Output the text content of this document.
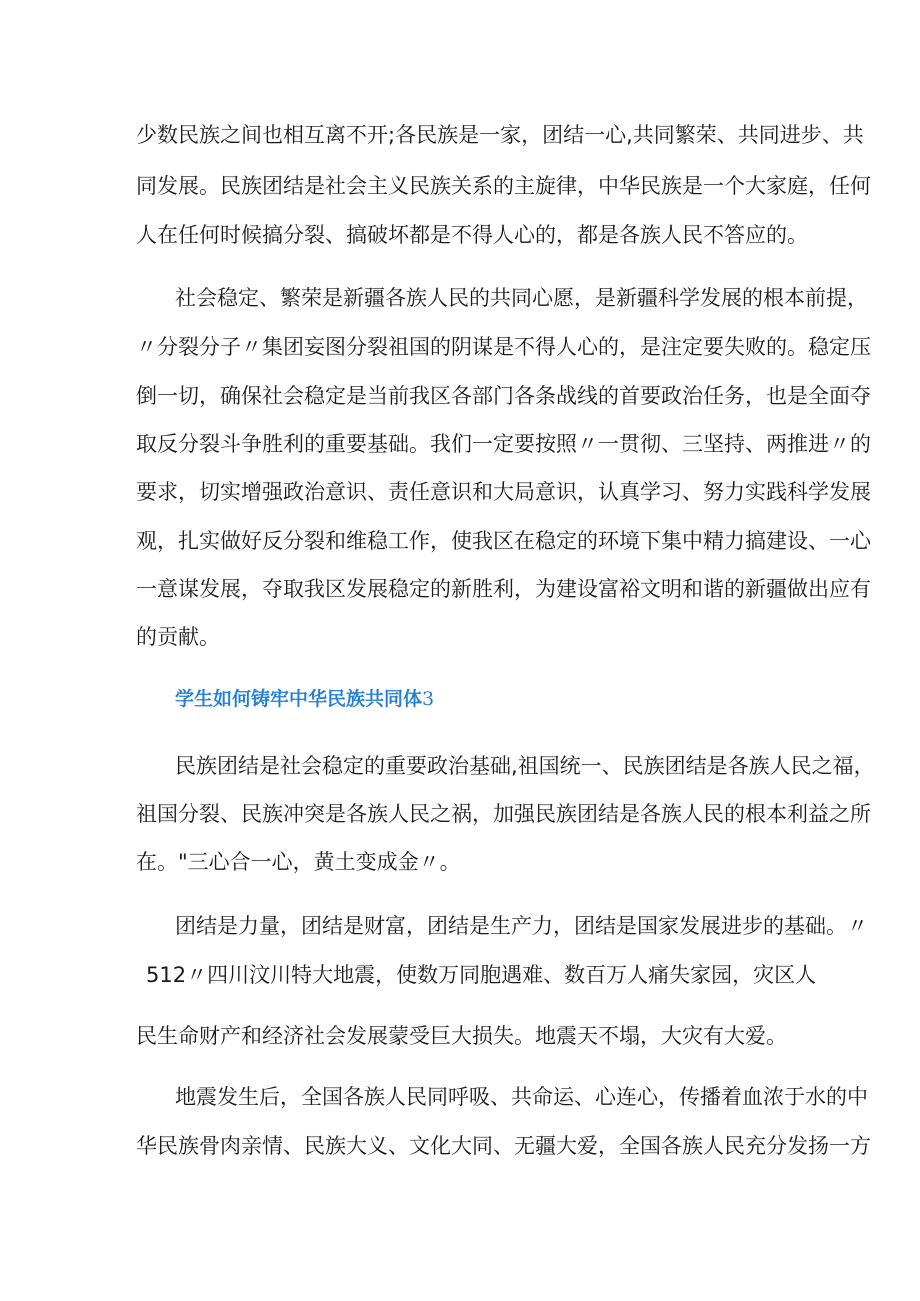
少数民族之间也相互离不开;各民族是一家，团结一心,共同繁荣、共同进步、共
同发展。民族团结是社会主义民族关系的主旋律，中华民族是一个大家庭，任何
人在任何时候搞分裂、搞破坏都是不得人心的，都是各族人民不答应的。
社会稳定、繁荣是新疆各族人民的共同心愿，是新疆科学发展的根本前提，
〃分裂分子〃集团妄图分裂祖国的阴谋是不得人心的，是注定要失败的。稳定压
倒一切，确保社会稳定是当前我区各部门各条战线的首要政治任务，也是全面夺
取反分裂斗争胜利的重要基础。我们一定要按照〃一贯彻、三坚持、两推进〃的
要求，切实增强政治意识、责任意识和大局意识，认真学习、努力实践科学发展
观，扎实做好反分裂和维稳工作，使我区在稳定的环境下集中精力搞建设、一心
一意谋发展，夺取我区发展稳定的新胜利，为建设富裕文明和谐的新疆做出应有
的贡献。
学生如何铸牢中华民族共同体3
民族团结是社会稳定的重要政治基础,祖国统一、民族团结是各族人民之福，
祖国分裂、民族冲突是各族人民之祸，加强民族团结是各族人民的根本利益之所
在。"三心合一心，黄土变成金〃。
团结是力量，团结是财富，团结是生产力，团结是国家发展进步的基础。〃
512〃四川汶川特大地震，使数万同胞遇难、数百万人痛失家园，灾区人
民生命财产和经济社会发展蒙受巨大损失。地震天不塌，大灾有大爱。
地震发生后，全国各族人民同呼吸、共命运、心连心，传播着血浓于水的中
华民族骨肉亲情、民族大义、文化大同、无疆大爱，全国各族人民充分发扬一方
